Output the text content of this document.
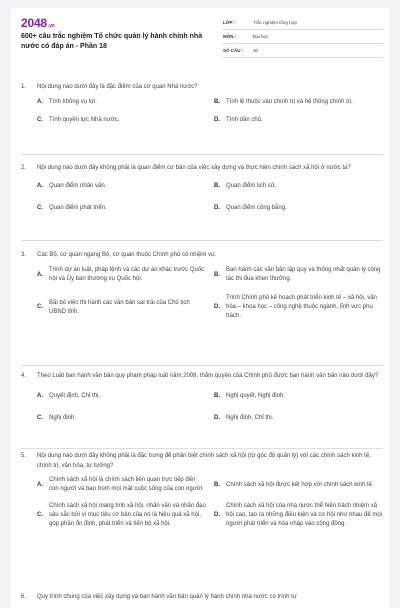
2048.vn
600+ câu trắc nghiệm Tổ chức quản lý hành chính nhà nước có đáp án - Phần 18
LỚP :	Trắc nghiệm tổng hợp
MÔN :	Đại học
SỐ CÂU :	30
1.	Nội dung nào dưới đây là đặc điểm của cơ quan Nhà nước?
A.	Tính không vụ lợi.	B.	Tính lệ thuộc vào chính trị và hệ thống chính trị.
C.	Tính quyền lực Nhà nước.	D.	Tính dân chủ.
2.	Nội dung nào dưới đây không phải là quan điểm cơ bản của việc xây dựng và thực hiện chính sách xã hội ở nước ta?
A.	Quan điểm nhân văn.	B.	Quan điểm lịch sử.
C.	Quan điểm phát triển.	D.	Quan điểm công bằng.
3.	Các Bộ, cơ quan ngang Bộ, cơ quan thuộc Chính phủ có nhiệm vụ:
A.
Trình dự án luật, pháp lệnh và các dự án khác trước Quốc hội và Ủy ban thường vụ Quốc hội.
B.
Ban hành các văn bản lập quy và thống nhất quản lý công tác thi đua khen thưởng.
C.
Bãi bỏ việc thi hành các văn bản sai trái của Chủ tịch UBND tỉnh.
D.
Trình Chính phủ kế hoạch phát triển kinh tế – xã hội, văn hóa – khoa học – công nghệ thuộc ngành, lĩnh vực phụ trách.
4.	Theo Luật ban hành văn bản quy phạm pháp luật năm 2008, thẩm quyền của Chính phủ được ban hành văn bản nào dưới đây?
A.	Quyết định, Chỉ thị.	B.	Nghị quyết, Nghị định.
C.	Nghị định.	D.	Nghị định, Chỉ thị.
5.	Nội dung nào dưới đây không phải là đặc trưng để phân biệt chính sách xã hội (từ góc độ quản lý) với các chính sách kinh tế, chính trị, văn hóa, tư tưởng?
A.
Chính sách xã hội là chính sách liên quan trực tiếp đến con người và bao trùm mọi mặt cuộc sống của con người.
B.	Chính sách xã hội được kết hợp với chính sách kinh tế.
C.
Chính sách xã hội mang tính xã hội, nhân văn và nhân đạo sâu sắc bởi vì mục tiêu cơ bản của nó là hiệu quả xã hội, góp phần ổn định, phát triển và tiến bộ xã hội.
D.
Chính sách xã hội của nhà nước thể hiện trách nhiệm xã hội cao, tạo ra những điều kiện và cơ hội như nhau để mọi người phát triển và hòa nhập vào cộng đồng.
6.	Quy trình chung của việc xây dựng và ban hành văn bản quản lý hành chính nhà nước có trình tự
